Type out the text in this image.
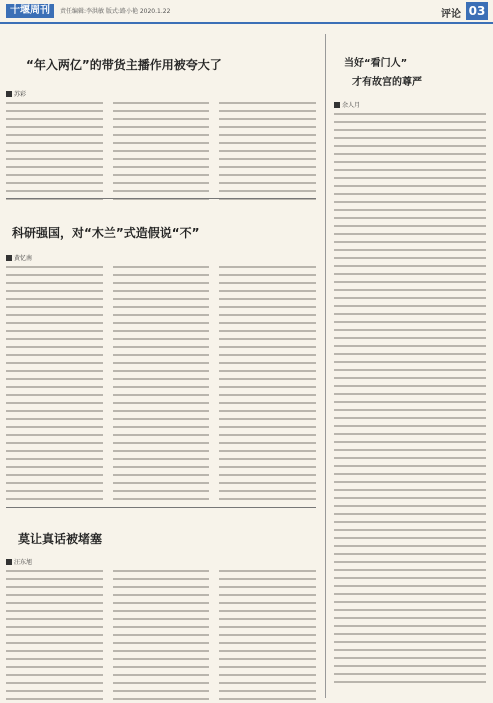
十堰周刊	责任编辑:李洪敏 版式:路小艳 2020.1.22	评论 03
“年入两亿”的带货主播作用被夸大了
苏彩
科研强国，对“木兰”式造假说“不”
黄忆南
莫让真话被堵塞
汪东旭
当好“看门人”
才有故宫的尊严
余人月
